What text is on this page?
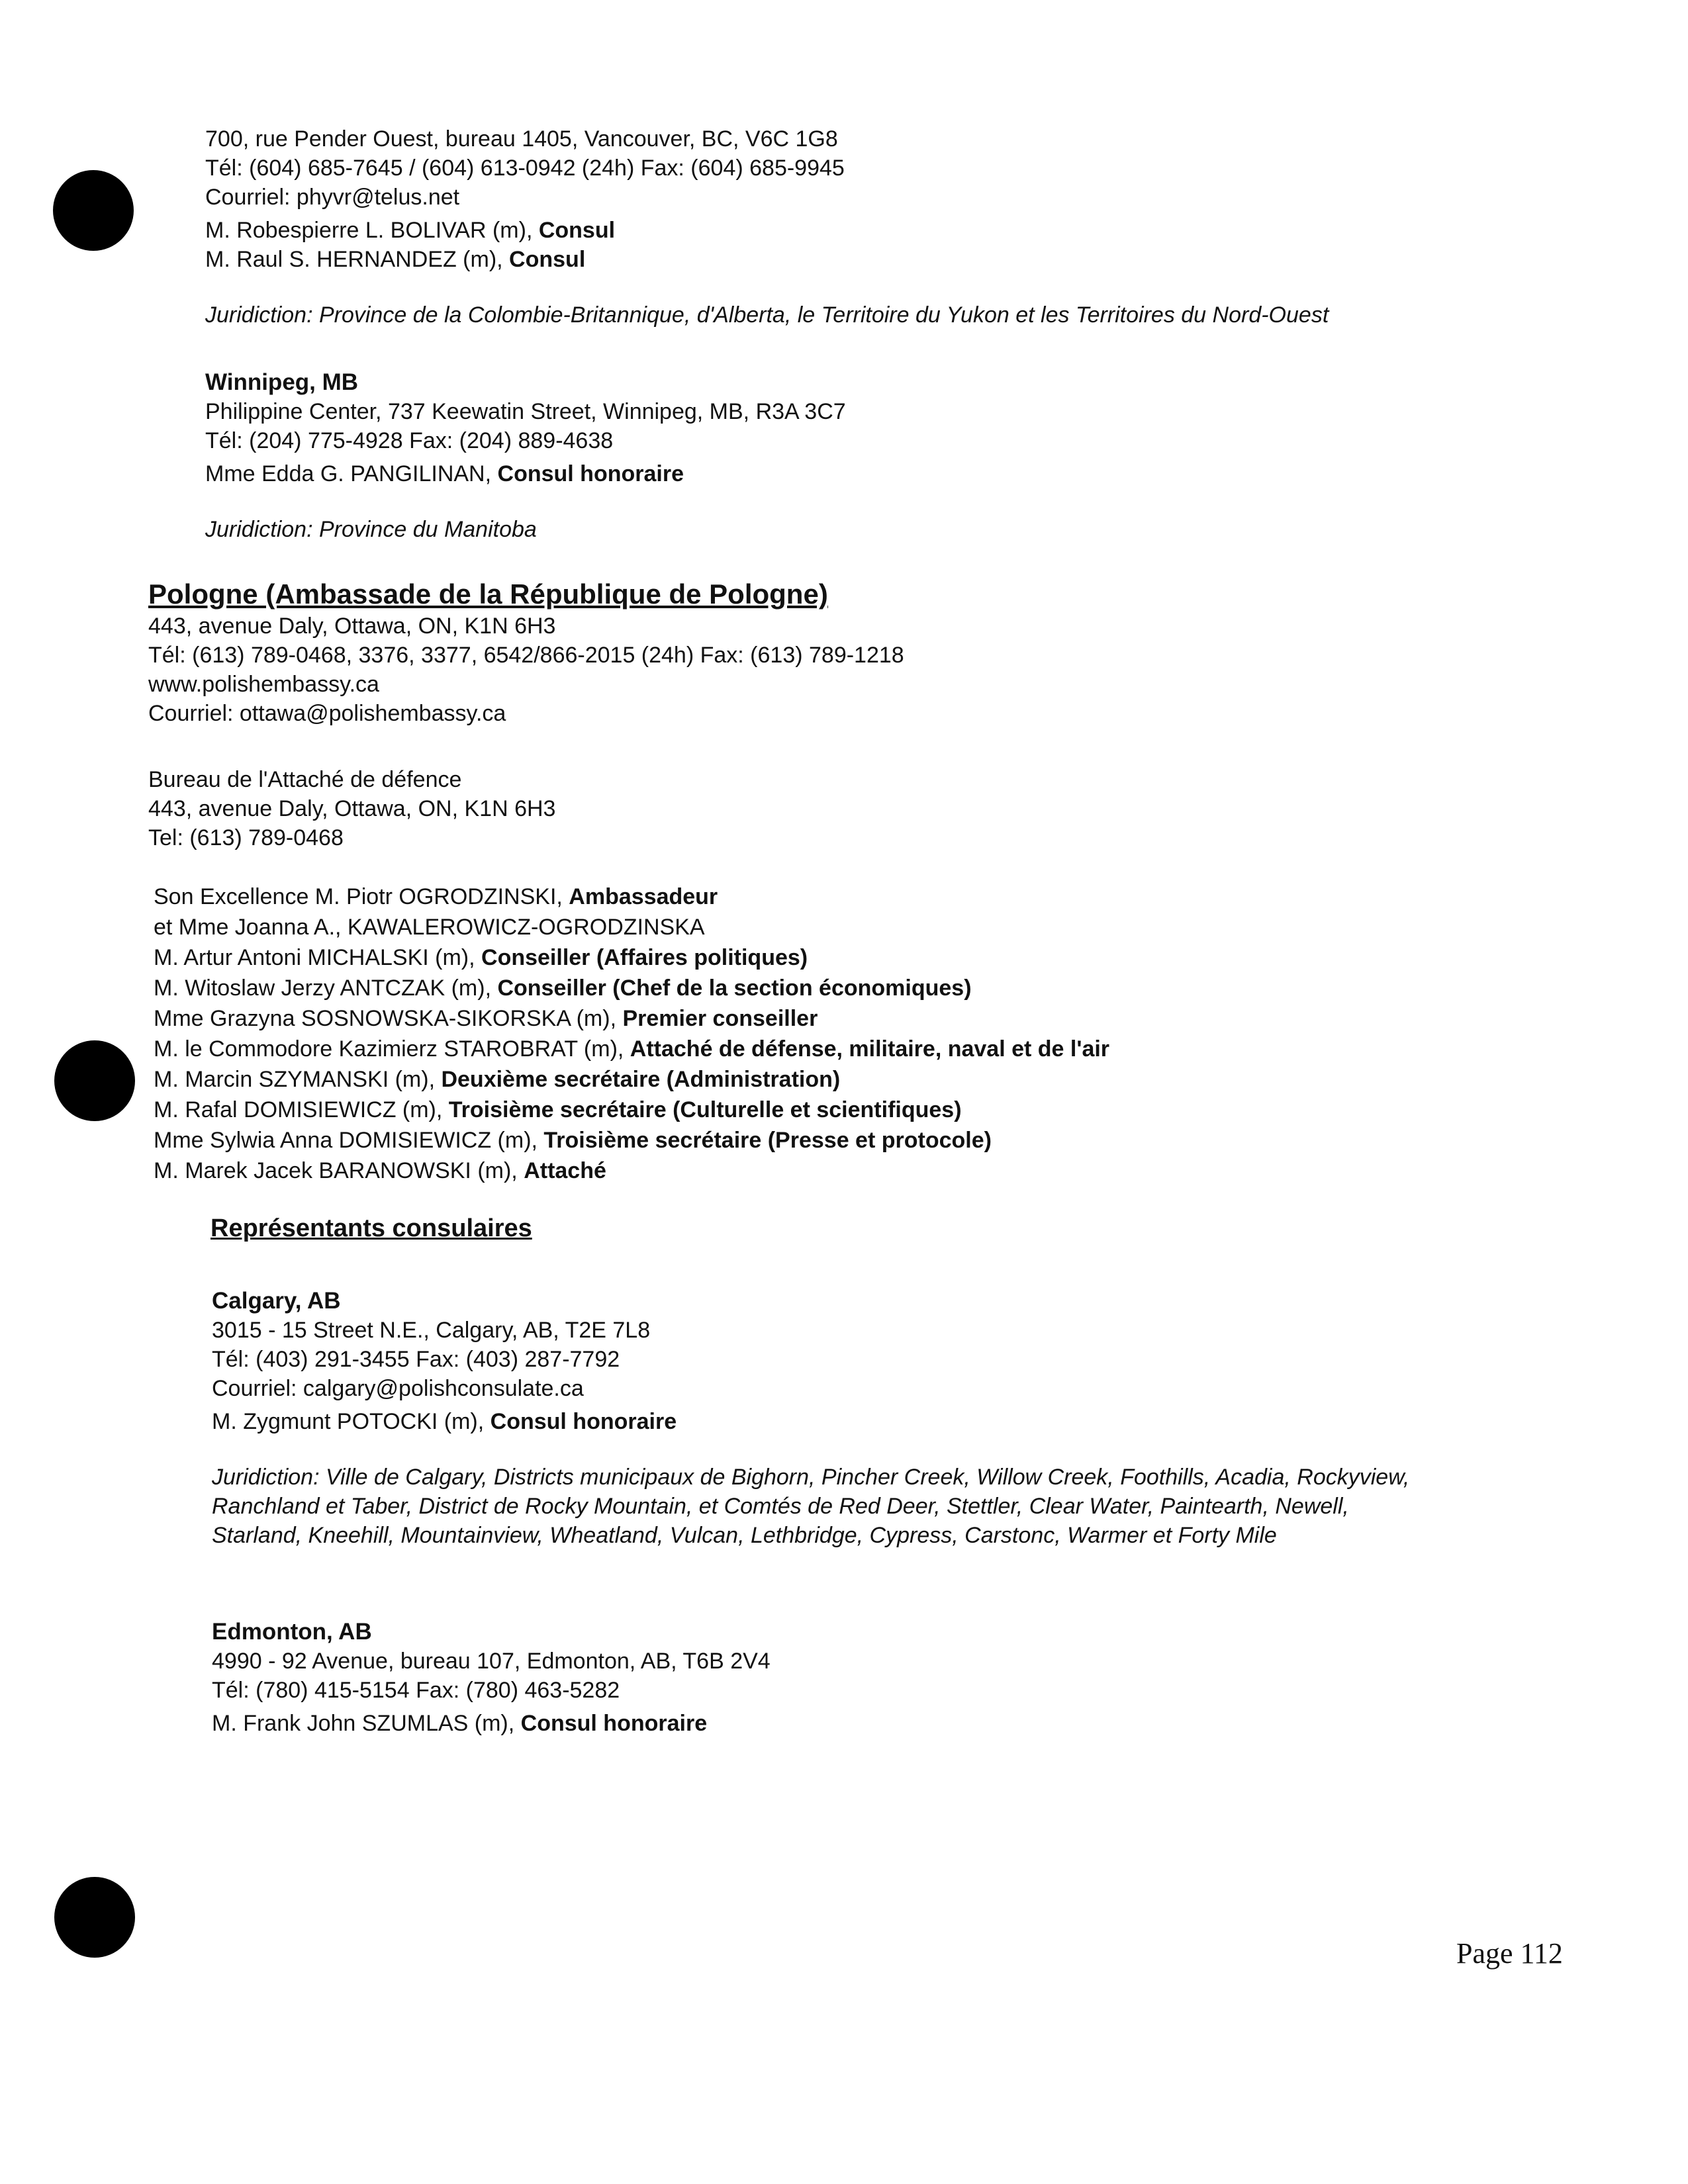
700, rue Pender Ouest, bureau 1405, Vancouver, BC, V6C 1G8
Tél: (604) 685-7645 / (604) 613-0942 (24h) Fax: (604) 685-9945
Courriel: phyvr@telus.net
M. Robespierre L. BOLIVAR (m), Consul
M. Raul S. HERNANDEZ (m), Consul
Juridiction: Province de la Colombie-Britannique, d'Alberta, le Territoire du Yukon et les Territoires du Nord-Ouest
Winnipeg, MB
Philippine Center, 737 Keewatin Street, Winnipeg, MB, R3A 3C7
Tél: (204) 775-4928 Fax: (204) 889-4638
Mme Edda G. PANGILINAN, Consul honoraire
Juridiction: Province du Manitoba
Pologne (Ambassade de la République de Pologne)
443, avenue Daly, Ottawa, ON, K1N 6H3
Tél: (613) 789-0468, 3376, 3377, 6542/866-2015 (24h) Fax: (613) 789-1218
www.polishembassy.ca
Courriel: ottawa@polishembassy.ca
Bureau de l'Attaché de défence
443, avenue Daly, Ottawa, ON, K1N 6H3
Tel: (613) 789-0468
Son Excellence M. Piotr OGRODZINSKI, Ambassadeur
et Mme Joanna A., KAWALEROWICZ-OGRODZINSKA
M. Artur Antoni MICHALSKI (m), Conseiller (Affaires politiques)
M. Witoslaw Jerzy ANTCZAK (m), Conseiller (Chef de la section économiques)
Mme Grazyna SOSNOWSKA-SIKORSKA (m), Premier conseiller
M. le Commodore Kazimierz STAROBRAT (m), Attaché de défense, militaire, naval et de l'air
M. Marcin SZYMANSKI (m), Deuxième secrétaire (Administration)
M. Rafal DOMISIEWICZ (m), Troisième secrétaire (Culturelle et scientifiques)
Mme Sylwia Anna DOMISIEWICZ (m), Troisième secrétaire (Presse et protocole)
M. Marek Jacek BARANOWSKI (m), Attaché
Représentants consulaires
Calgary, AB
3015 - 15 Street N.E., Calgary, AB, T2E 7L8
Tél: (403) 291-3455 Fax: (403) 287-7792
Courriel: calgary@polishconsulate.ca
M. Zygmunt POTOCKI (m), Consul honoraire
Juridiction: Ville de Calgary, Districts municipaux de Bighorn, Pincher Creek, Willow Creek, Foothills, Acadia, Rockyview,
Ranchland et Taber, District de Rocky Mountain, et Comtés de Red Deer, Stettler, Clear Water, Paintearth, Newell,
Starland, Kneehill, Mountainview, Wheatland, Vulcan, Lethbridge, Cypress, Carstonc, Warmer et Forty Mile
Edmonton, AB
4990 - 92 Avenue, bureau 107, Edmonton, AB, T6B 2V4
Tél: (780) 415-5154 Fax: (780) 463-5282
M. Frank John SZUMLAS (m), Consul honoraire
Page 112
